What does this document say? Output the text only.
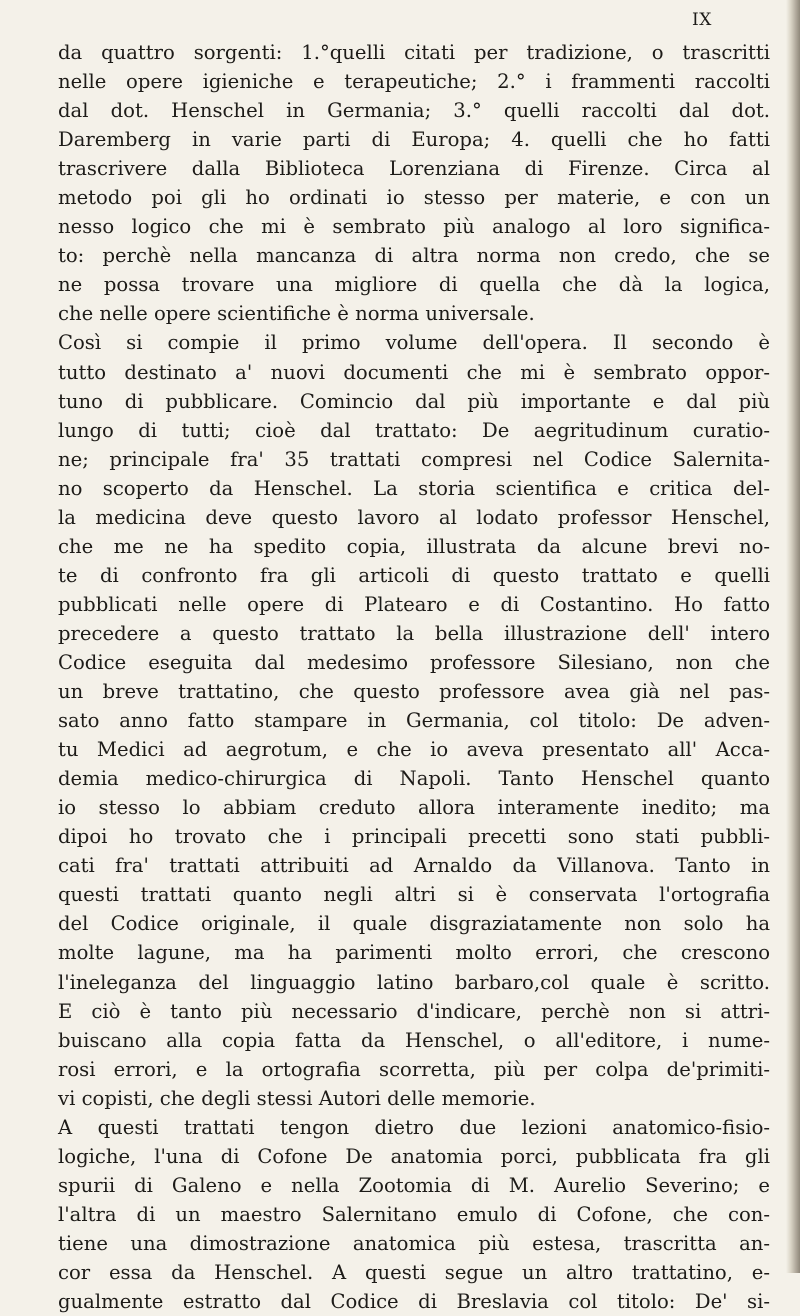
IX
da quattro sorgenti: 1.°quelli citati per tradizione, o trascritti
nelle opere igieniche e terapeutiche; 2.° i frammenti raccolti
dal dot. Henschel in Germania; 3.° quelli raccolti dal dot.
Daremberg in varie parti di Europa; 4. quelli che ho fatti
trascrivere dalla Biblioteca Lorenziana di Firenze. Circa al
metodo poi gli ho ordinati io stesso per materie, e con un
nesso logico che mi è sembrato più analogo al loro significa-
to: perchè nella mancanza di altra norma non credo, che se
ne possa trovare una migliore di quella che dà la logica,
che nelle opere scientifiche è norma universale.
Così si compie il primo volume dell'opera. Il secondo è
tutto destinato a' nuovi documenti che mi è sembrato oppor-
tuno di pubblicare. Comincio dal più importante e dal più
lungo di tutti; cioè dal trattato: De aegritudinum curatio-
ne; principale fra' 35 trattati compresi nel Codice Salernita-
no scoperto da Henschel. La storia scientifica e critica del-
la medicina deve questo lavoro al lodato professor Henschel,
che me ne ha spedito copia, illustrata da alcune brevi no-
te di confronto fra gli articoli di questo trattato e quelli
pubblicati nelle opere di Platearo e di Costantino. Ho fatto
precedere a questo trattato la bella illustrazione dell' intero
Codice eseguita dal medesimo professore Silesiano, non che
un breve trattatino, che questo professore avea già nel pas-
sato anno fatto stampare in Germania, col titolo: De adven-
tu Medici ad aegrotum, e che io aveva presentato all' Acca-
demia medico-chirurgica di Napoli. Tanto Henschel quanto
io stesso lo abbiam creduto allora interamente inedito; ma
dipoi ho trovato che i principali precetti sono stati pubbli-
cati fra' trattati attribuiti ad Arnaldo da Villanova. Tanto in
questi trattati quanto negli altri si è conservata l'ortografia
del Codice originale, il quale disgraziatamente non solo ha
molte lagune, ma ha parimenti molto errori, che crescono
l'ineleganza del linguaggio latino barbaro,col quale è scritto.
E ciò è tanto più necessario d'indicare, perchè non si attri-
buiscano alla copia fatta da Henschel, o all'editore, i nume-
rosi errori, e la ortografia scorretta, più per colpa de'primiti-
vi copisti, che degli stessi Autori delle memorie.
A questi trattati tengon dietro due lezioni anatomico-fisio-
logiche, l'una di Cofone De anatomia porci, pubblicata fra gli
spurii di Galeno e nella Zootomia di M. Aurelio Severino; e
l'altra di un maestro Salernitano emulo di Cofone, che con-
tiene una dimostrazione anatomica più estesa, trascritta an-
cor essa da Henschel. A questi segue un altro trattatino, e-
gualmente estratto dal Codice di Breslavia col titolo: De' si-
